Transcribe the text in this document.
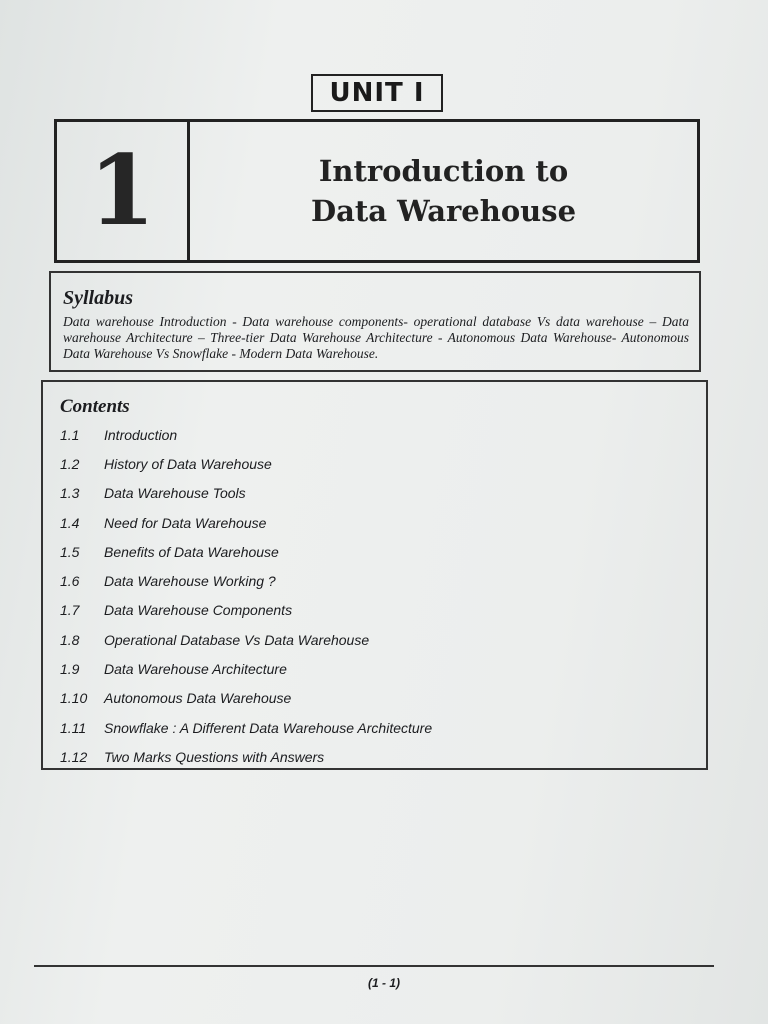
UNIT I
1	Introduction to Data Warehouse

Syllabus

Data warehouse Introduction - Data warehouse components- operational database Vs data warehouse – Data warehouse Architecture – Three-tier Data Warehouse Architecture - Autonomous Data Warehouse- Autonomous Data Warehouse Vs Snowflake - Modern Data Warehouse.

Contents

1.1	Introduction
1.2	History of Data Warehouse
1.3	Data Warehouse Tools
1.4	Need for Data Warehouse
1.5	Benefits of Data Warehouse
1.6	Data Warehouse Working ?
1.7	Data Warehouse Components
1.8	Operational Database Vs Data Warehouse
1.9	Data Warehouse Architecture
1.10	Autonomous Data Warehouse
1.11	Snowflake : A Different Data Warehouse Architecture
1.12	Two Marks Questions with Answers
(1 - 1)
